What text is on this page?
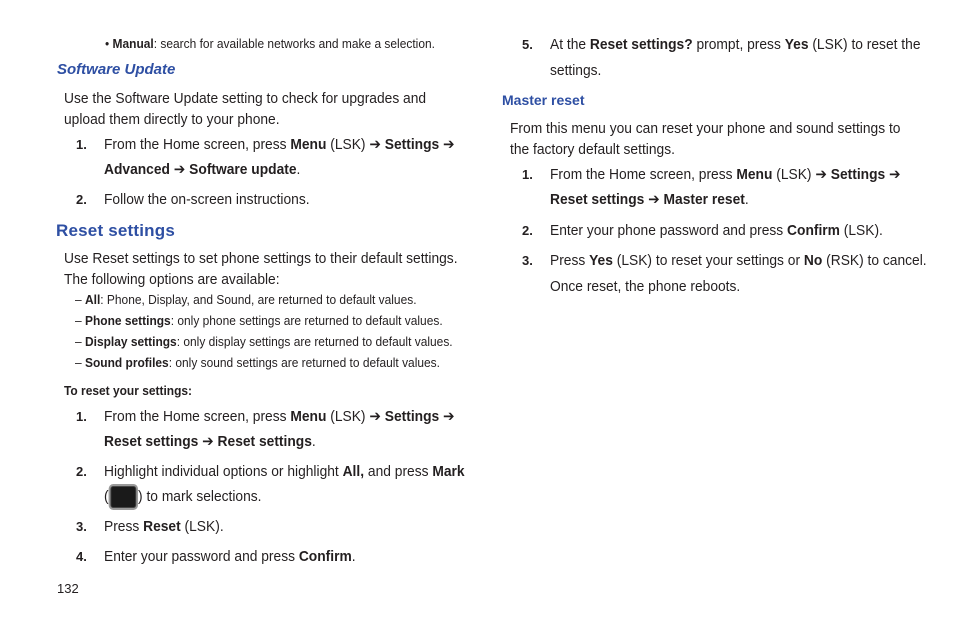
• Manual: search for available networks and make a selection.
Software Update
Use the Software Update setting to check for upgrades and
upload them directly to your phone.
1. From the Home screen, press Menu (LSK) ➔ Settings ➔
Advanced ➔ Software update.
2. Follow the on-screen instructions.
Reset settings
Use Reset settings to set phone settings to their default settings.
The following options are available:
– All: Phone, Display, and Sound, are returned to default values.
– Phone settings: only phone settings are returned to default values.
– Display settings: only display settings are returned to default values.
– Sound profiles: only sound settings are returned to default values.
To reset your settings:
1. From the Home screen, press Menu (LSK) ➔ Settings ➔
Reset settings ➔ Reset settings.
2. Highlight individual options or highlight All, and press Mark
( ) to mark selections.
3. Press Reset (LSK).
4. Enter your password and press Confirm.
132
5. At the Reset settings? prompt, press Yes (LSK) to reset the
settings.
Master reset
From this menu you can reset your phone and sound settings to
the factory default settings.
1. From the Home screen, press Menu (LSK) ➔ Settings ➔
Reset settings ➔ Master reset.
2. Enter your phone password and press Confirm (LSK).
3. Press Yes (LSK) to reset your settings or No (RSK) to cancel.
Once reset, the phone reboots.
